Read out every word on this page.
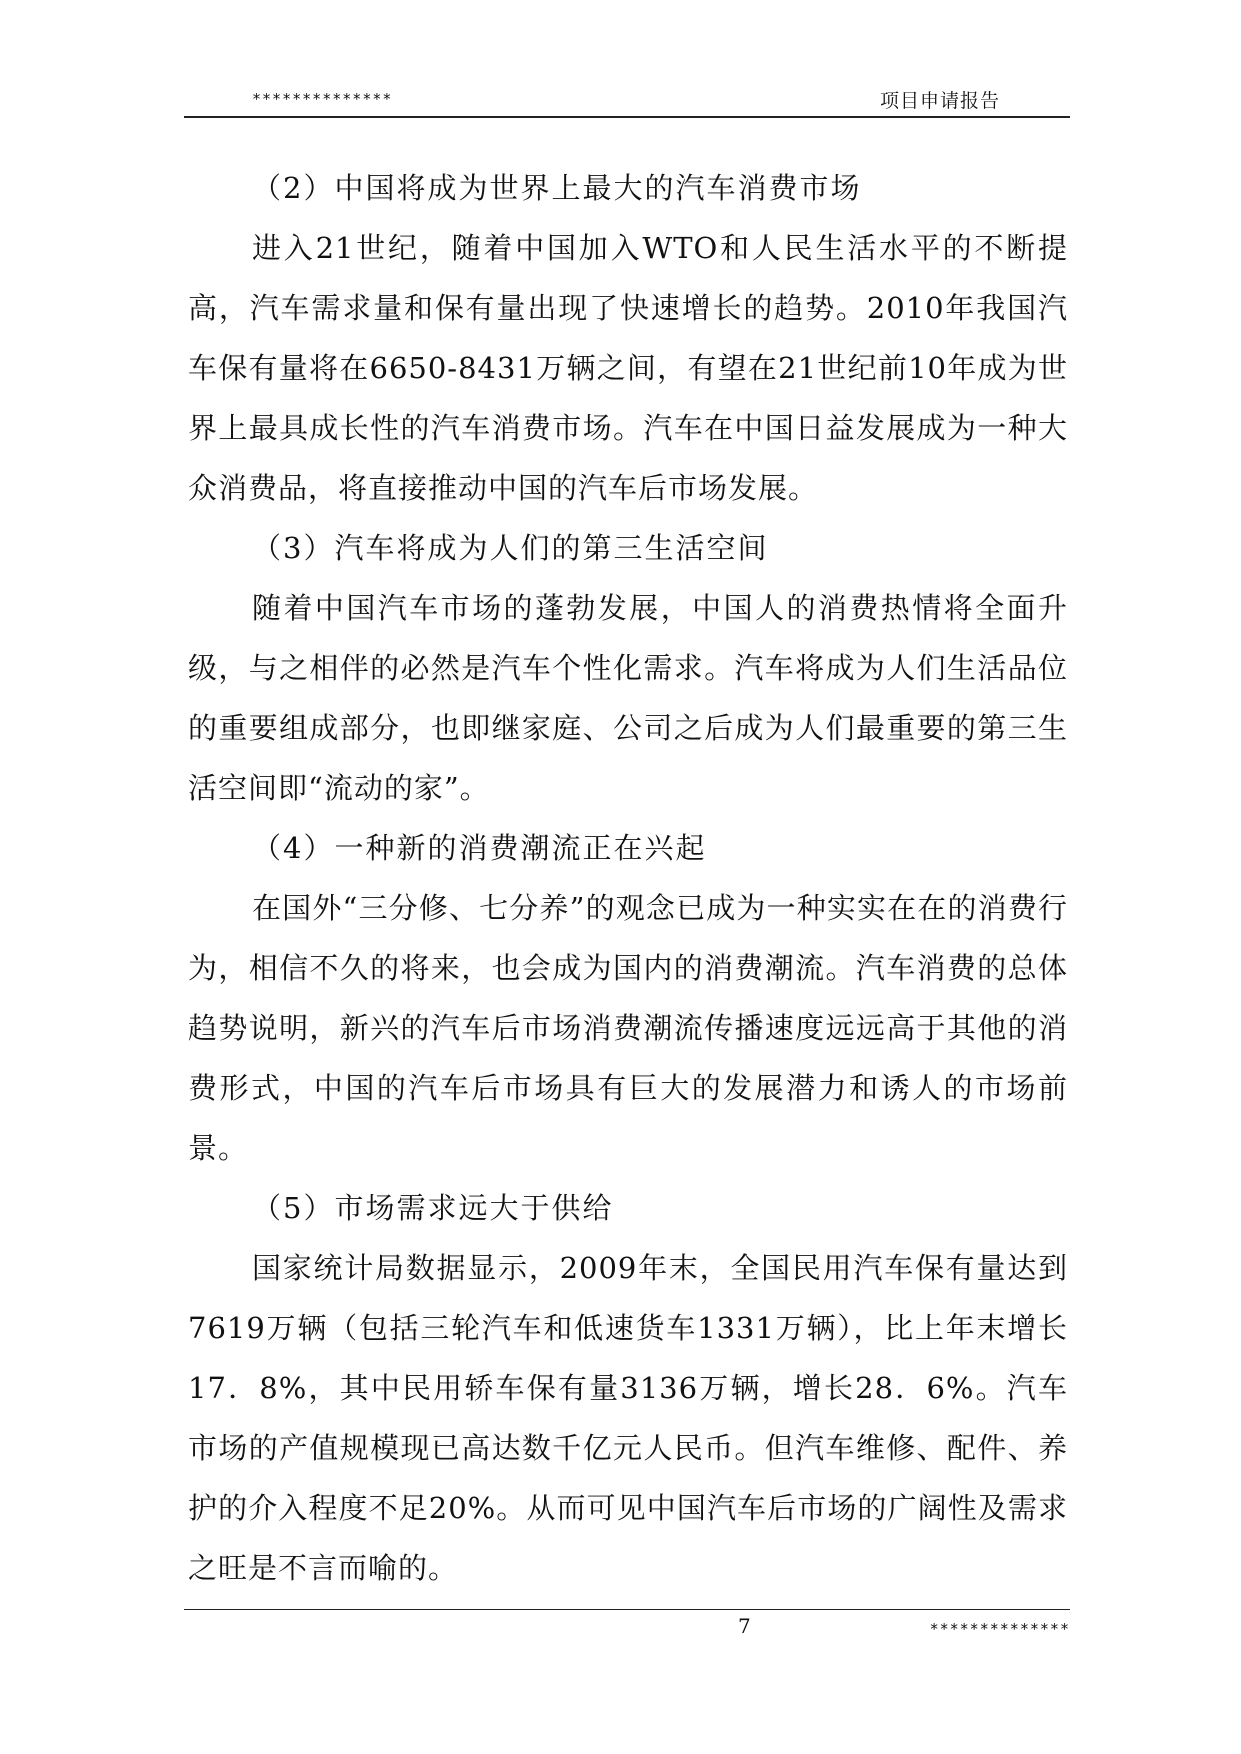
**************	项目申请报告

（2）中国将成为世界上最大的汽车消费市场

进入21世纪，随着中国加入WTO和人民生活水平的不断提高，汽车需求量和保有量出现了快速增长的趋势。2010年我国汽车保有量将在6650-8431万辆之间，有望在21世纪前10年成为世界上最具成长性的汽车消费市场。汽车在中国日益发展成为一种大众消费品，将直接推动中国的汽车后市场发展。

（3）汽车将成为人们的第三生活空间

随着中国汽车市场的蓬勃发展，中国人的消费热情将全面升级，与之相伴的必然是汽车个性化需求。汽车将成为人们生活品位的重要组成部分，也即继家庭、公司之后成为人们最重要的第三生活空间即“流动的家”。

（4）一种新的消费潮流正在兴起

在国外“三分修、七分养”的观念已成为一种实实在在的消费行为，相信不久的将来，也会成为国内的消费潮流。汽车消费的总体趋势说明，新兴的汽车后市场消费潮流传播速度远远高于其他的消费形式，中国的汽车后市场具有巨大的发展潜力和诱人的市场前景。

（5）市场需求远大于供给

国家统计局数据显示，2009年末，全国民用汽车保有量达到7619万辆（包括三轮汽车和低速货车1331万辆），比上年末增长17．8%，其中民用轿车保有量3136万辆，增长28．6%。汽车市场的产值规模现已高达数千亿元人民币。但汽车维修、配件、养护的介入程度不足20%。从而可见中国汽车后市场的广阔性及需求之旺是不言而喻的。

7	**************
